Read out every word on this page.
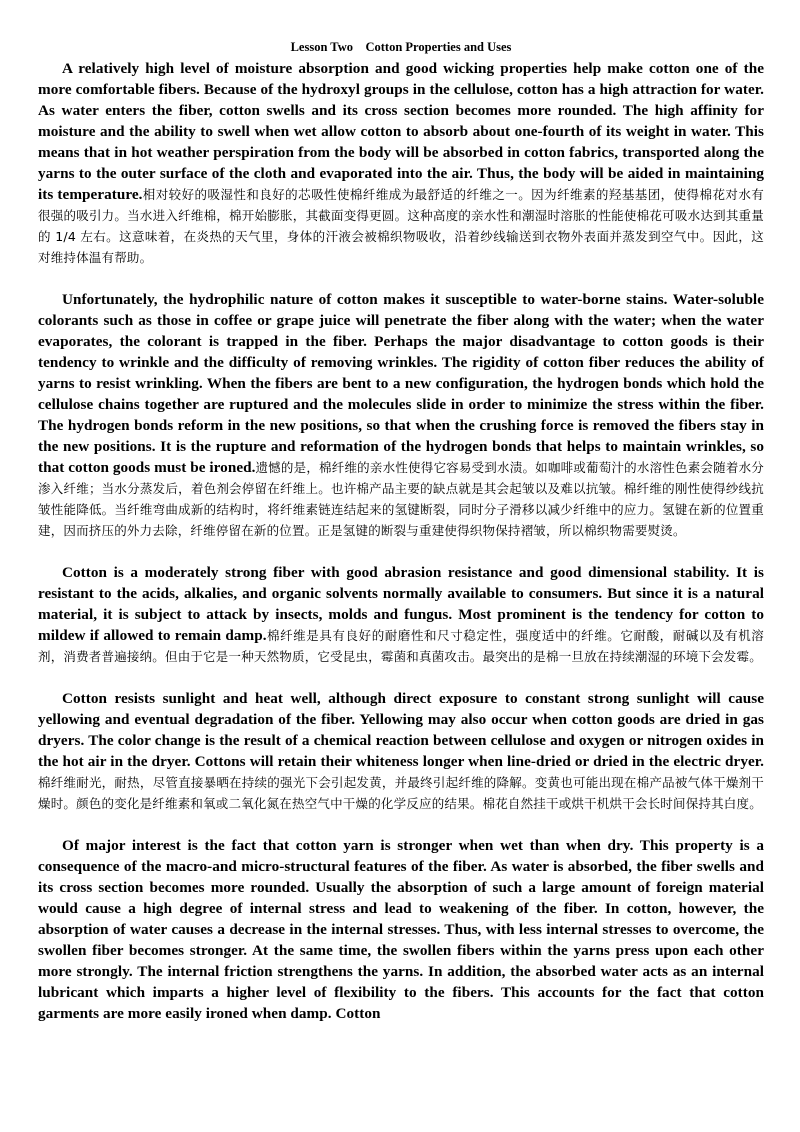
Lesson Two    Cotton Properties and Uses

A relatively high level of moisture absorption and good wicking properties help make cotton one of the more comfortable fibers. Because of the hydroxyl groups in the cellulose, cotton has a high attraction for water. As water enters the fiber, cotton swells and its cross section becomes more rounded. The high affinity for moisture and the ability to swell when wet allow cotton to absorb about one-fourth of its weight in water. This means that in hot weather perspiration from the body will be absorbed in cotton fabrics, transported along the yarns to the outer surface of the cloth and evaporated into the air. Thus, the body will be aided in maintaining its temperature.相对较好的吸湿性和良好的芯吸性使棉纤维成为最舒适的纤维之一。因为纤维素的羟基基团，使得棉花对水有很强的吸引力。当水进入纤维棉，棉开始膨胀，其截面变得更圆。这种高度的亲水性和潮湿时溶胀的性能使棉花可吸水达到其重量的 1/4 左右。这意味着，在炎热的天气里，身体的汗液会被棉织物吸收，沿着纱线输送到衣物外表面并蒸发到空气中。因此，这对维持体温有帮助。

Unfortunately, the hydrophilic nature of cotton makes it susceptible to water-borne stains. Water-soluble colorants such as those in coffee or grape juice will penetrate the fiber along with the water; when the water evaporates, the colorant is trapped in the fiber. Perhaps the major disadvantage to cotton goods is their tendency to wrinkle and the difficulty of removing wrinkles. The rigidity of cotton fiber reduces the ability of yarns to resist wrinkling. When the fibers are bent to a new configuration, the hydrogen bonds which hold the cellulose chains together are ruptured and the molecules slide in order to minimize the stress within the fiber. The hydrogen bonds reform in the new positions, so that when the crushing force is removed the fibers stay in the new positions. It is the rupture and reformation of the hydrogen bonds that helps to maintain wrinkles, so that cotton goods must be ironed.遗憾的是，棉纤维的亲水性使得它容易受到水渍。如咖啡或葡萄汁的水溶性色素会随着水分渗入纤维；当水分蒸发后，着色剂会停留在纤维上。也许棉产品主要的缺点就是其会起皱以及难以抗皱。棉纤维的刚性使得纱线抗皱性能降低。当纤维弯曲成新的结构时，将纤维素链连结起来的氢键断裂，同时分子滑移以减少纤维中的应力。氢键在新的位置重建，因而挤压的外力去除，纤维停留在新的位置。正是氢键的断裂与重建使得织物保持褶皱，所以棉织物需要熨烫。

Cotton is a moderately strong fiber with good abrasion resistance and good dimensional stability. It is resistant to the acids, alkalies, and organic solvents normally available to consumers. But since it is a natural material, it is subject to attack by insects, molds and fungus. Most prominent is the tendency for cotton to mildew if allowed to remain damp.棉纤维是具有良好的耐磨性和尺寸稳定性，强度适中的纤维。它耐酸，耐碱以及有机溶剂，消费者普遍接纳。但由于它是一种天然物质，它受昆虫，霉菌和真菌攻击。最突出的是棉一旦放在持续潮湿的环境下会发霉。

Cotton resists sunlight and heat well, although direct exposure to constant strong sunlight will cause yellowing and eventual degradation of the fiber. Yellowing may also occur when cotton goods are dried in gas dryers. The color change is the result of a chemical reaction between cellulose and oxygen or nitrogen oxides in the hot air in the dryer. Cottons will retain their whiteness longer when line-dried or dried in the electric dryer.棉纤维耐光，耐热，尽管直接暴晒在持续的强光下会引起发黄，并最终引起纤维的降解。变黄也可能出现在棉产品被气体干燥剂干燥时。颜色的变化是纤维素和氧或二氧化氮在热空气中干燥的化学反应的结果。棉花自然挂干或烘干机烘干会长时间保持其白度。

Of major interest is the fact that cotton yarn is stronger when wet than when dry. This property is a consequence of the macro-and micro-structural features of the fiber. As water is absorbed, the fiber swells and its cross section becomes more rounded. Usually the absorption of such a large amount of foreign material would cause a high degree of internal stress and lead to weakening of the fiber. In cotton, however, the absorption of water causes a decrease in the internal stresses. Thus, with less internal stresses to overcome, the swollen fiber becomes stronger. At the same time, the swollen fibers within the yarns press upon each other more strongly. The internal friction strengthens the yarns. In addition, the absorbed water acts as an internal lubricant which imparts a higher level of flexibility to the fibers. This accounts for the fact that cotton garments are more easily ironed when damp. Cotton
